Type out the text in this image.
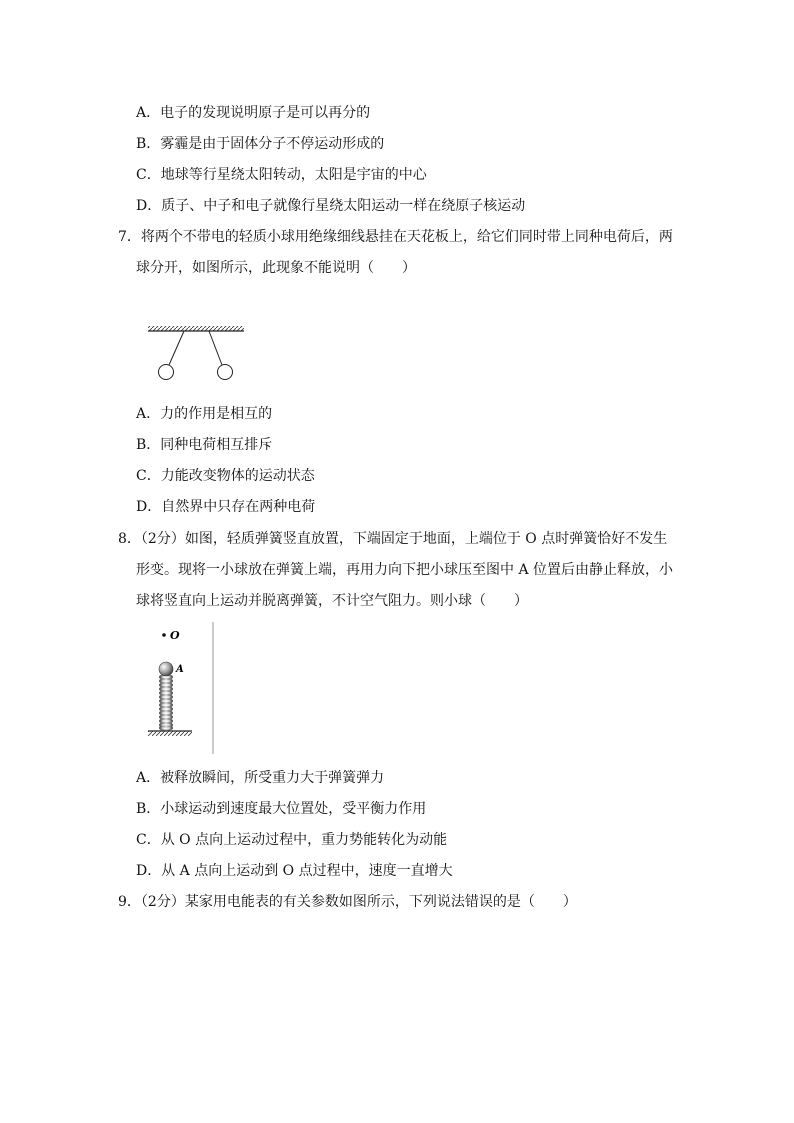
A．电子的发现说明原子是可以再分的
B．雾霾是由于固体分子不停运动形成的
C．地球等行星绕太阳转动，太阳是宇宙的中心
D．质子、中子和电子就像行星绕太阳运动一样在绕原子核运动
7．将两个不带电的轻质小球用绝缘细线悬挂在天花板上，给它们同时带上同种电荷后，两
球分开，如图所示，此现象不能说明（　　）
A．力的作用是相互的
B．同种电荷相互排斥
C．力能改变物体的运动状态
D．自然界中只存在两种电荷
8．（2分）如图，轻质弹簧竖直放置，下端固定于地面，上端位于 O 点时弹簧恰好不发生
形变。现将一小球放在弹簧上端，再用力向下把小球压至图中 A 位置后由静止释放，小
球将竖直向上运动并脱离弹簧，不计空气阻力。则小球（　　）
O
A
A．被释放瞬间，所受重力大于弹簧弹力
B．小球运动到速度最大位置处，受平衡力作用
C．从 O 点向上运动过程中，重力势能转化为动能
D．从 A 点向上运动到 O 点过程中，速度一直增大
9．（2分）某家用电能表的有关参数如图所示，下列说法错误的是（　　）
